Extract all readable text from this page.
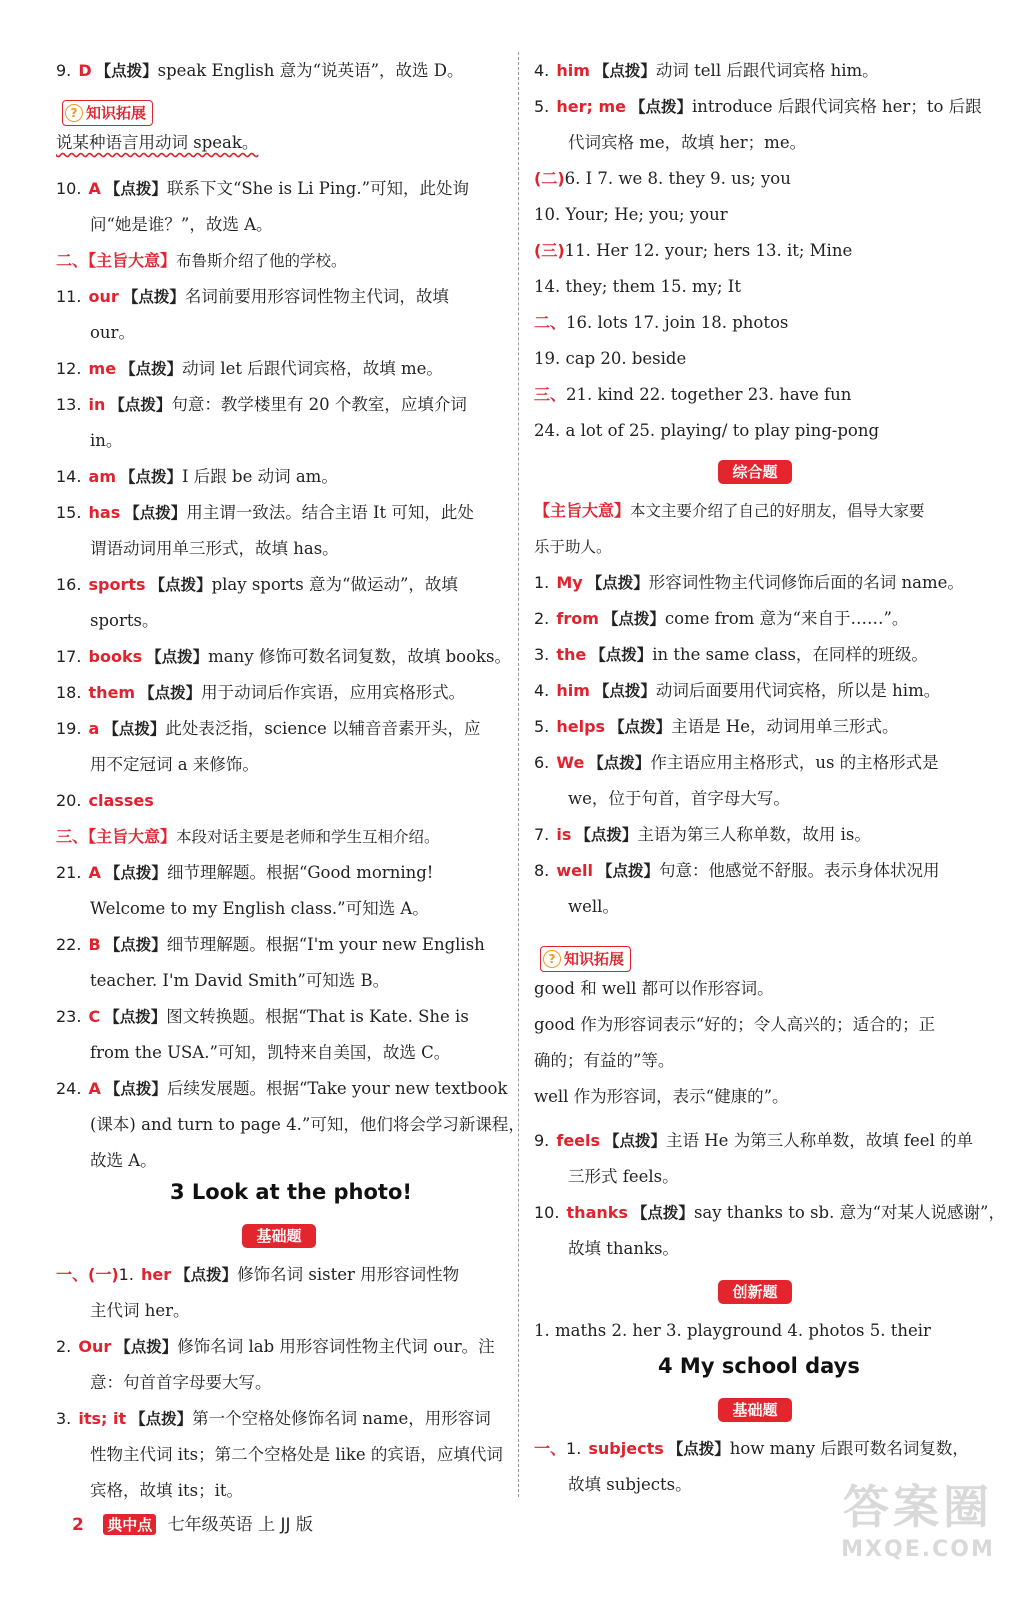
9. D 【点拨】speak English 意为“说英语”，故选 D。
? 知识拓展
说某种语言用动词 speak。
10. A 【点拨】联系下文“She is Li Ping.”可知，此处询
问“她是谁？”，故选 A。
二、【主旨大意】布鲁斯介绍了他的学校。
11. our 【点拨】名词前要用形容词性物主代词，故填
our。
12. me 【点拨】动词 let 后跟代词宾格，故填 me。
13. in 【点拨】句意：教学楼里有 20 个教室，应填介词
in。
14. am 【点拨】I 后跟 be 动词 am。
15. has 【点拨】用主谓一致法。结合主语 It 可知，此处
谓语动词用单三形式，故填 has。
16. sports 【点拨】play sports 意为“做运动”，故填
sports。
17. books 【点拨】many 修饰可数名词复数，故填 books。
18. them 【点拨】用于动词后作宾语，应用宾格形式。
19. a 【点拨】此处表泛指，science 以辅音音素开头，应
用不定冠词 a 来修饰。
20. classes
三、【主旨大意】本段对话主要是老师和学生互相介绍。
21. A 【点拨】细节理解题。根据“Good morning!
Welcome to my English class.”可知选 A。
22. B 【点拨】细节理解题。根据“I'm your new English
teacher. I'm David Smith”可知选 B。
23. C 【点拨】图文转换题。根据“That is Kate. She is
from the USA.”可知，凯特来自美国，故选 C。
24. A 【点拨】后续发展题。根据“Take your new textbook
(课本) and turn to page 4.”可知，他们将会学习新课程，
故选 A。
3 Look at the photo!
基础题
一、(一)1. her 【点拨】修饰名词 sister 用形容词性物
主代词 her。
2. Our 【点拨】修饰名词 lab 用形容词性物主代词 our。注
意：句首首字母要大写。
3. its; it 【点拨】第一个空格处修饰名词 name，用形容词
性物主代词 its；第二个空格处是 like 的宾语，应填代词
宾格，故填 its；it。
4. him 【点拨】动词 tell 后跟代词宾格 him。
5. her; me 【点拨】introduce 后跟代词宾格 her；to 后跟
代词宾格 me，故填 her；me。
(二)6. I 7. we 8. they 9. us; you
10. Your; He; you; your
(三)11. Her 12. your; hers 13. it; Mine
14. they; them 15. my; It
二、16. lots 17. join 18. photos
19. cap 20. beside
三、21. kind 22. together 23. have fun
24. a lot of 25. playing/ to play ping-pong
综合题
【主旨大意】本文主要介绍了自己的好朋友，倡导大家要
乐于助人。
1. My 【点拨】形容词性物主代词修饰后面的名词 name。
2. from 【点拨】come from 意为“来自于……”。
3. the 【点拨】in the same class，在同样的班级。
4. him 【点拨】动词后面要用代词宾格，所以是 him。
5. helps 【点拨】主语是 He，动词用单三形式。
6. We 【点拨】作主语应用主格形式，us 的主格形式是
we，位于句首，首字母大写。
7. is 【点拨】主语为第三人称单数，故用 is。
8. well 【点拨】句意：他感觉不舒服。表示身体状况用
well。
? 知识拓展
good 和 well 都可以作形容词。
good 作为形容词表示“好的；令人高兴的；适合的；正
确的；有益的”等。
well 作为形容词，表示“健康的”。
9. feels 【点拨】主语 He 为第三人称单数，故填 feel 的单
三形式 feels。
10. thanks 【点拨】say thanks to sb. 意为“对某人说感谢”，
故填 thanks。
创新题
1. maths 2. her 3. playground 4. photos 5. their
4 My school days
基础题
一、1. subjects 【点拨】how many 后跟可数名词复数，
故填 subjects。
2 典中点 七年级英语 上 JJ 版	答案圈
MXQE.COM
